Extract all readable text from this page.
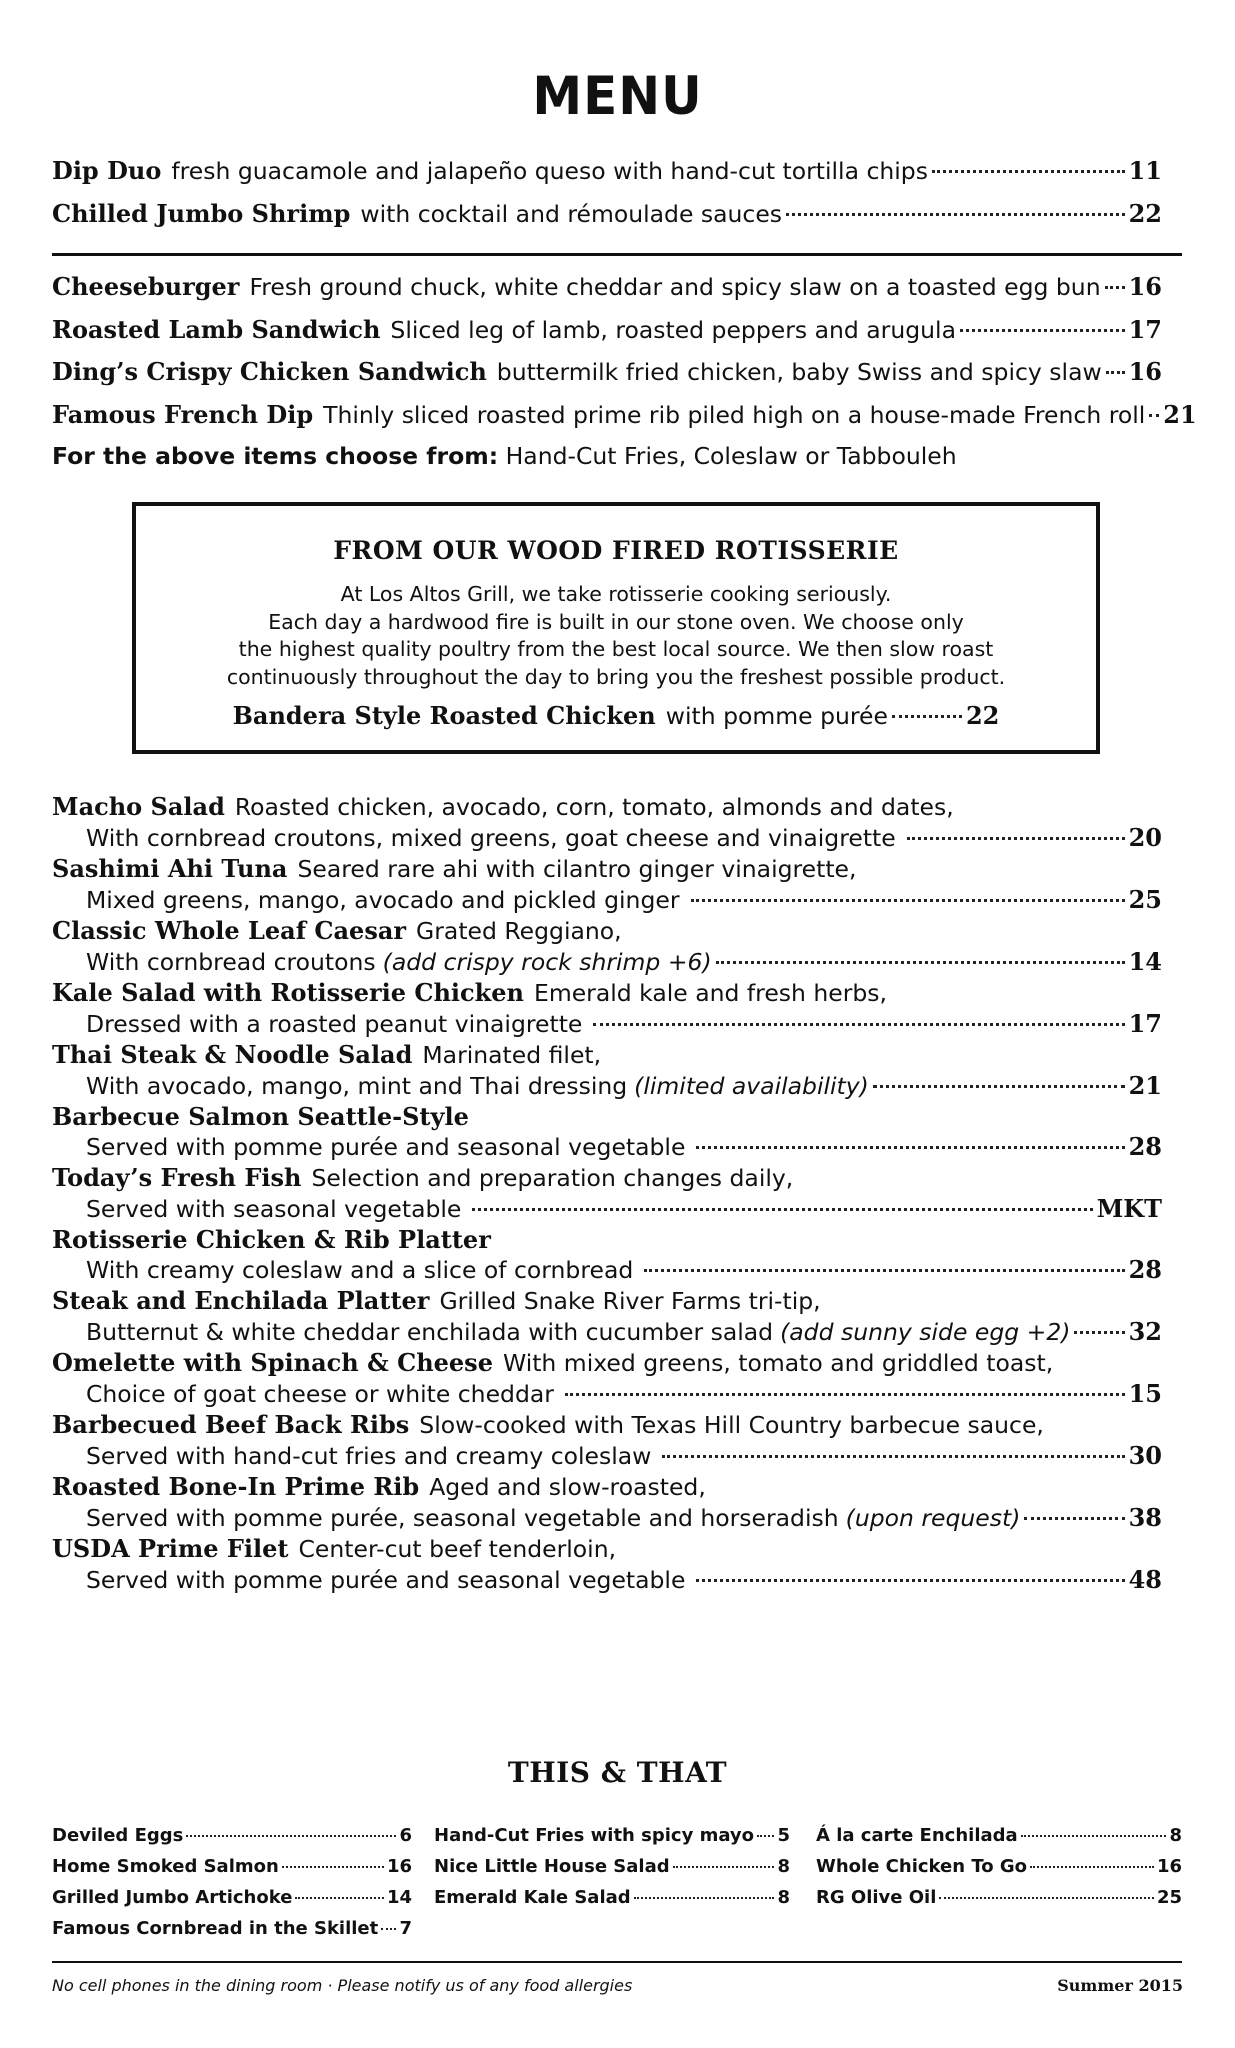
MENU
Dip Duo fresh guacamole and jalapeño queso with hand-cut tortilla chips	11
Chilled Jumbo Shrimp with cocktail and rémoulade sauces	22
Cheeseburger Fresh ground chuck, white cheddar and spicy slaw on a toasted egg bun 16
Roasted Lamb Sandwich Sliced leg of lamb, roasted peppers and arugula	17
Ding’s Crispy Chicken Sandwich buttermilk fried chicken, baby Swiss and spicy slaw 16
Famous French Dip Thinly sliced roasted prime rib piled high on a house-made French roll 21
For the above items choose from: Hand-Cut Fries, Coleslaw or Tabbouleh
FROM OUR WOOD FIRED ROTISSERIE

At Los Altos Grill, we take rotisserie cooking seriously.

Each day a hardwood fire is built in our stone oven. We choose only

the highest quality poultry from the best local source. We then slow roast

continuously throughout the day to bring you the freshest possible product.

Bandera Style Roasted Chicken with pomme purée	22
Macho Salad Roasted chicken, avocado, corn, tomato, almonds and dates,
With cornbread croutons, mixed greens, goat cheese and vinaigrette	20
Sashimi Ahi Tuna Seared rare ahi with cilantro ginger vinaigrette,
Mixed greens, mango, avocado and pickled ginger	25
Classic Whole Leaf Caesar Grated Reggiano,
With cornbread croutons (add crispy rock shrimp +6)	14
Kale Salad with Rotisserie Chicken Emerald kale and fresh herbs,
Dressed with a roasted peanut vinaigrette	17
Thai Steak & Noodle Salad Marinated filet,
With avocado, mango, mint and Thai dressing (limited availability)	21
Barbecue Salmon Seattle-Style
Served with pomme purée and seasonal vegetable	28
Today’s Fresh Fish Selection and preparation changes daily,
Served with seasonal vegetable	MKT
Rotisserie Chicken & Rib Platter
With creamy coleslaw and a slice of cornbread	28
Steak and Enchilada Platter Grilled Snake River Farms tri-tip,
Butternut & white cheddar enchilada with cucumber salad (add sunny side egg +2) 32
Omelette with Spinach & Cheese With mixed greens, tomato and griddled toast,
Choice of goat cheese or white cheddar	15
Barbecued Beef Back Ribs Slow-cooked with Texas Hill Country barbecue sauce,
Served with hand-cut fries and creamy coleslaw	30
Roasted Bone-In Prime Rib Aged and slow-roasted,
Served with pomme purée, seasonal vegetable and horseradish (upon request)	38
USDA Prime Filet Center-cut beef tenderloin,
Served with pomme purée and seasonal vegetable	48
THIS & THAT
Deviled Eggs	6
Home Smoked Salmon	16
Grilled Jumbo Artichoke	14
Famous Cornbread in the Skillet 7
Hand-Cut Fries with spicy mayo 5
Nice Little House Salad	8
Emerald Kale Salad	8
Á la carte Enchilada	8
Whole Chicken To Go	16
RG Olive Oil	25
No cell phones in the dining room · Please notify us of any food allergies	Summer 2015
